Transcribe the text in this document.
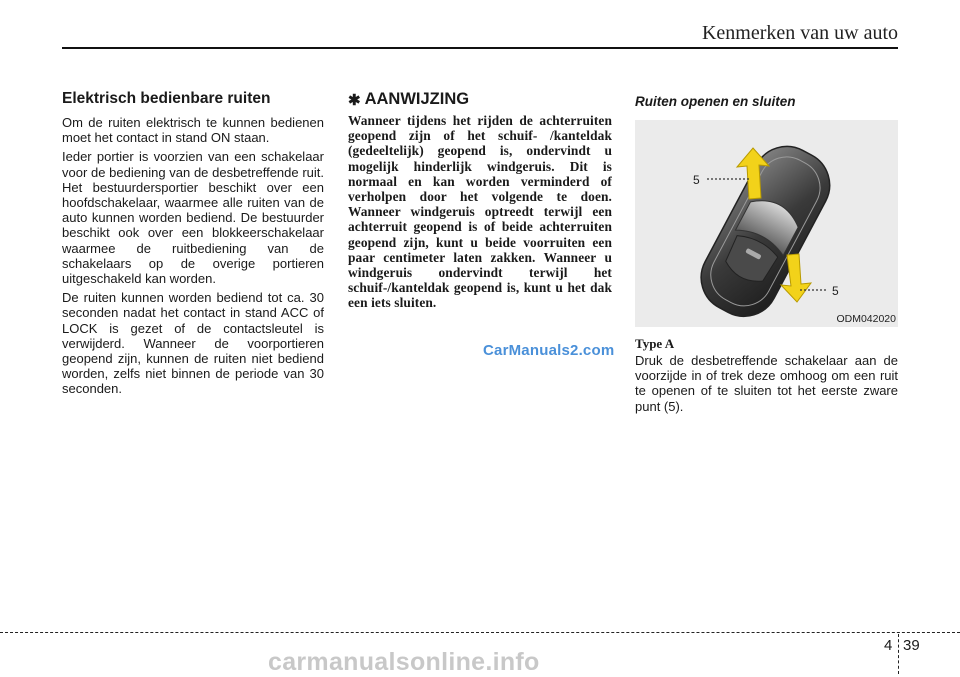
Kenmerken van uw auto
Elektrisch bedienbare ruiten

Om de ruiten elektrisch te kunnen bedienen moet het contact in stand ON staan.

Ieder portier is voorzien van een schakelaar voor de bediening van de desbetreffende ruit. Het bestuurdersportier beschikt over een hoofdschakelaar, waarmee alle ruiten van de auto kunnen worden bediend. De bestuurder beschikt ook over een blokkeerschakelaar waarmee de ruitbediening van de schakelaars op de overige portieren uitgeschakeld kan worden.

De ruiten kunnen worden bediend tot ca. 30 seconden nadat het contact in stand ACC of LOCK is gezet of de contactsleutel is verwijderd. Wanneer de voorportieren geopend zijn, kunnen de ruiten niet bediend worden, zelfs niet binnen de periode van 30 seconden.

✱ AANWIJZING

Wanneer tijdens het rijden de achterruiten geopend zijn of het schuif- /kanteldak (gedeeltelijk) geopend is, ondervindt u mogelijk hinderlijk windgeruis. Dit is normaal en kan worden verminderd of verholpen door het volgende te doen. Wanneer windgeruis optreedt terwijl een achterruit geopend is of beide achterruiten geopend zijn, kunt u beide voorruiten een paar centimeter laten zakken. Wanneer u windgeruis ondervindt terwijl het schuif-/kanteldak geopend is, kunt u het dak een iets sluiten.

CarManuals2.com
Ruiten openen en sluiten
5
5
ODM042020
Type A

Druk de desbetreffende schakelaar aan de voorzijde in of trek deze omhoog om een ruit te openen of te sluiten tot het eerste zware punt (5).

4 39
carmanualsonline.info
